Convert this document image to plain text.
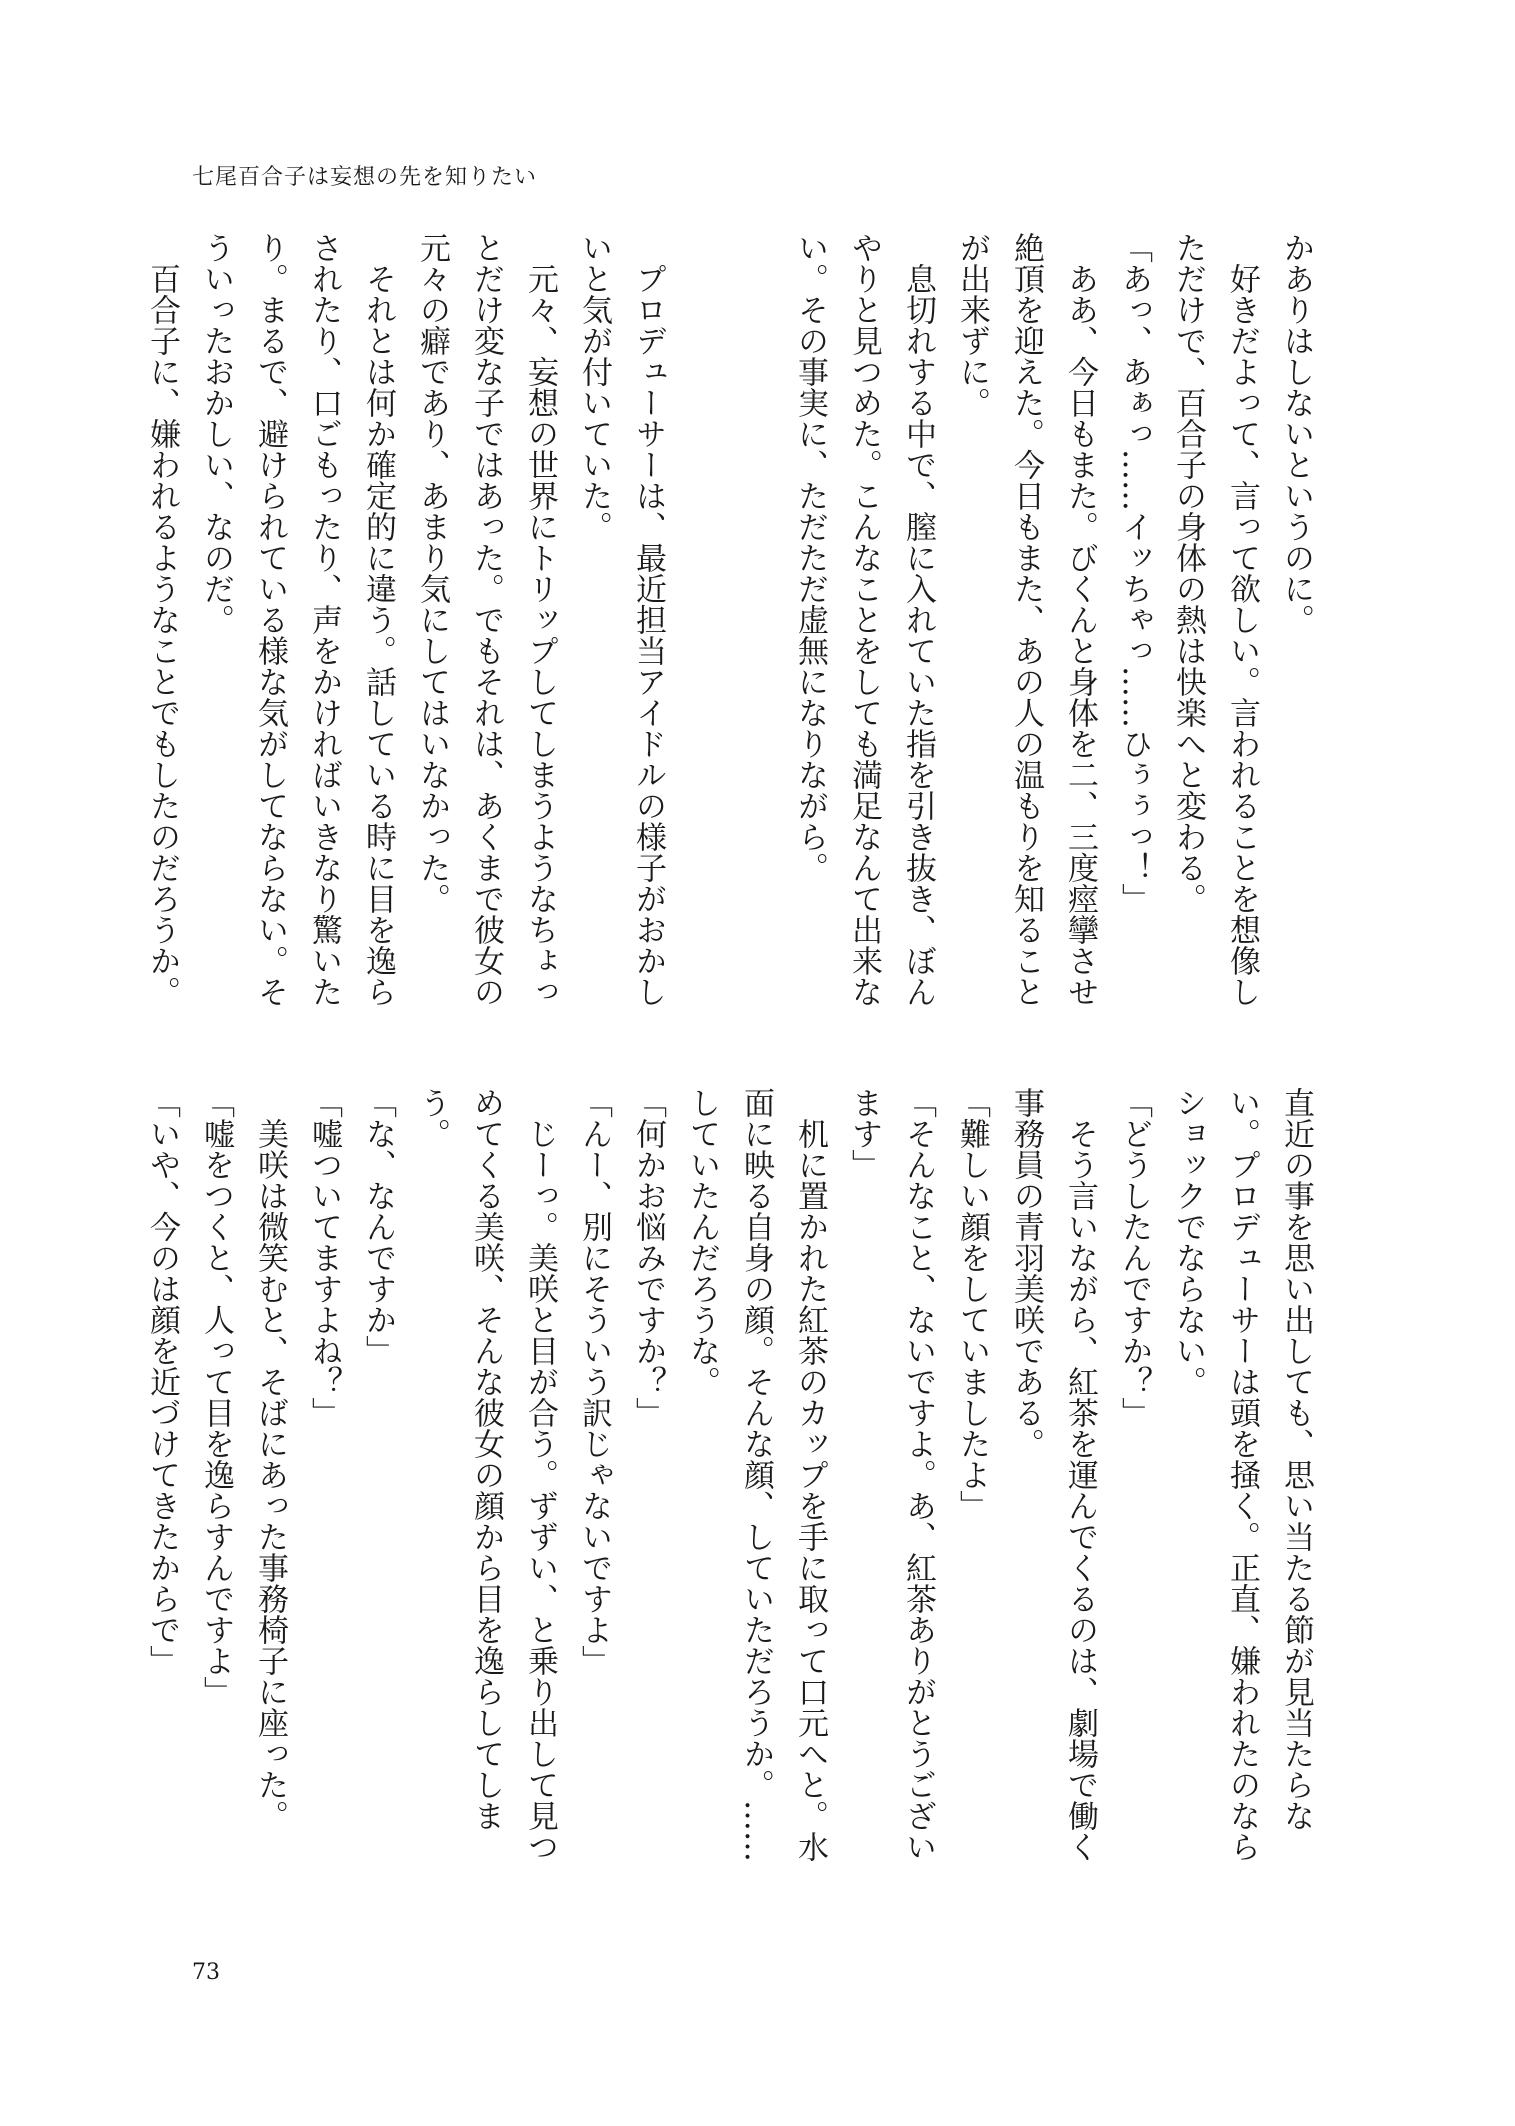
七尾百合子は妄想の先を知りたい
かありはしないというのに。
　好きだよって、言って欲しい。言われることを想像し
ただけで、百合子の身体の熱は快楽へと変わる。
「あっ、あぁっ……イッちゃっ……ひぅぅっ！」
　ああ、今日もまた。びくんと身体を二、三度痙攣させ
絶頂を迎えた。今日もまた、あの人の温もりを知ること
が出来ずに。
　息切れする中で、膣に入れていた指を引き抜き、ぼん
やりと見つめた。こんなことをしても満足なんて出来な
い。その事実に、ただただ虚無になりながら。

　プロデューサーは、最近担当アイドルの様子がおかし
いと気が付いていた。
　元々、妄想の世界にトリップしてしまうようなちょっ
とだけ変な子ではあった。でもそれは、あくまで彼女の
元々の癖であり、あまり気にしてはいなかった。
　それとは何か確定的に違う。話している時に目を逸ら
されたり、口ごもったり、声をかければいきなり驚いた
り。まるで、避けられている様な気がしてならない。そ
ういったおかしい、なのだ。
　百合子に、嫌われるようなことでもしたのだろうか。
直近の事を思い出しても、思い当たる節が見当たらな
い。プロデューサーは頭を掻く。正直、嫌われたのなら
ショックでならない。
「どうしたんですか？」
　そう言いながら、紅茶を運んでくるのは、劇場で働く
事務員の青羽美咲である。
「難しい顔をしていましたよ」
「そんなこと、ないですよ。あ、紅茶ありがとうござい
ます」
　机に置かれた紅茶のカップを手に取って口元へと。水
面に映る自身の顔。そんな顔、していただろうか。……
していたんだろうな。
「何かお悩みですか？」
「んー、別にそういう訳じゃないですよ」
　じーっ。美咲と目が合う。ずずい、と乗り出して見つ
めてくる美咲、そんな彼女の顔から目を逸らしてしま
う。
「な、なんですか」
「嘘ついてますよね？」
　美咲は微笑むと、そばにあった事務椅子に座った。
「嘘をつくと、人って目を逸らすんですよ」
「いや、今のは顔を近づけてきたからで」
73
